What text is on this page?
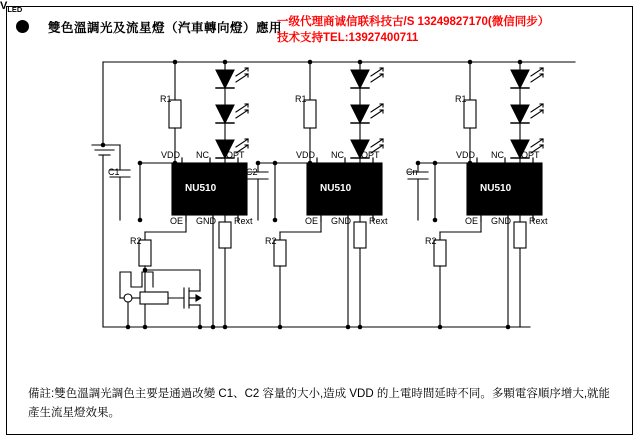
雙色溫調光及流星燈（汽車轉向燈）應用
一级代理商诚信联科技古/S 13249827170(微信同步）
技术支持TEL:13927400711
$V_{LED}$
R1
C1
VDD NC OPT
NU510
OE GND Rext
R2
R1
C2
VDD NC OPT
NU510
OE GND Rext
R2
R1
Cn
VDD NC OPT
NU510
OE GND Rext
R2
備註:雙色溫調光調色主要是通過改變 C1、C2 容量的大小,造成 VDD 的上電時間延時不同。多顆電容順序增大,就能產生流星燈效果。
